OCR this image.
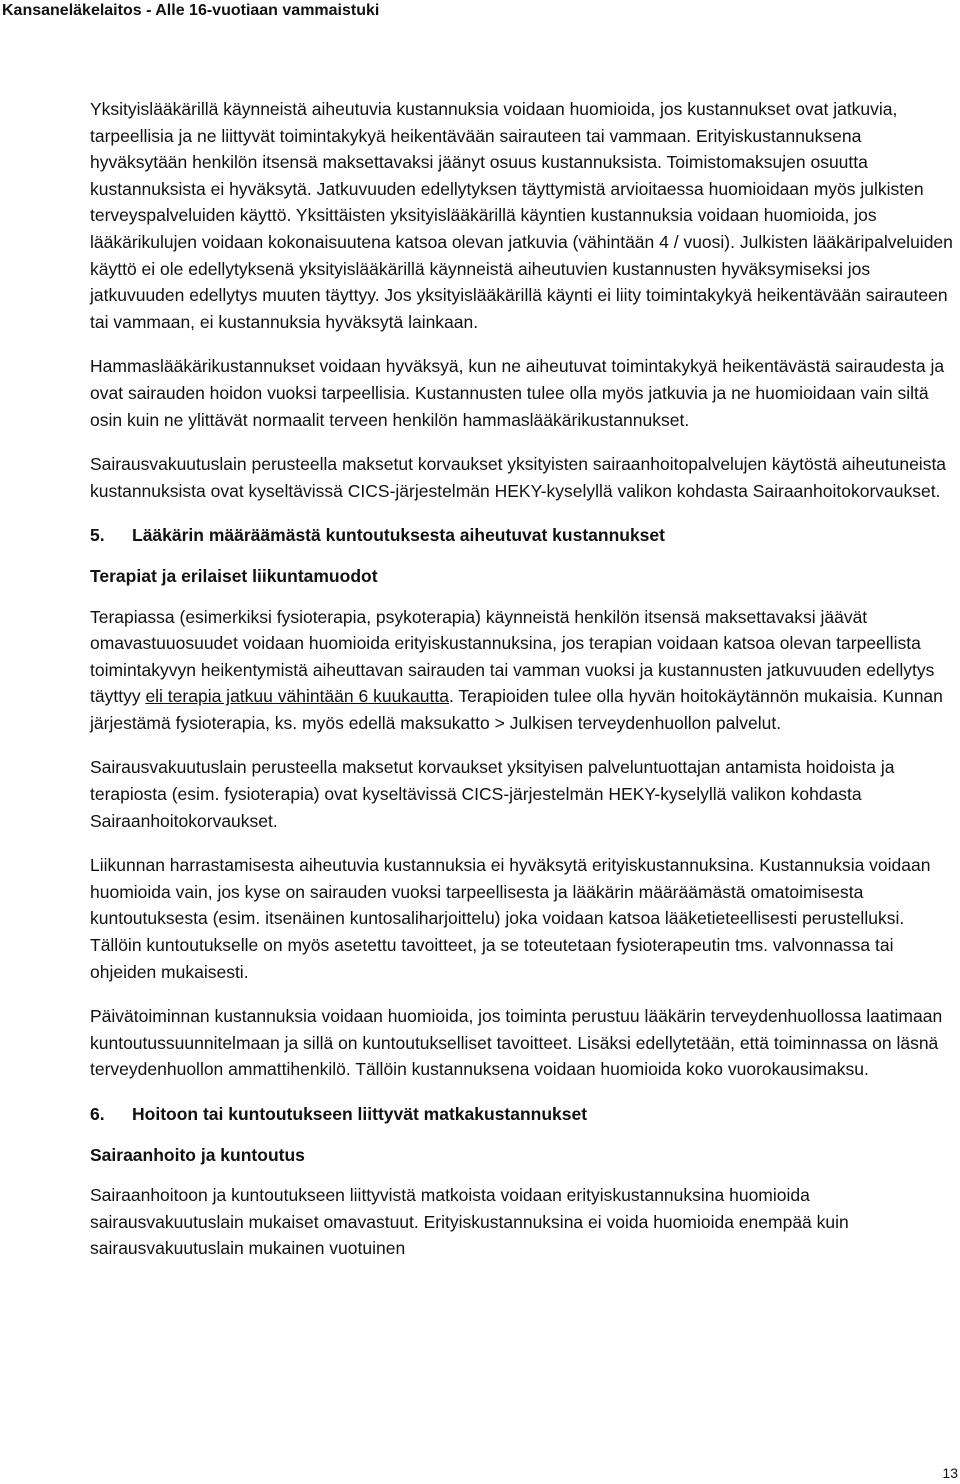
Kansaneläkelaitos - Alle 16-vuotiaan vammaistuki

Yksityislääkärillä käynneistä aiheutuvia kustannuksia voidaan huomioida, jos kustannukset ovat jatkuvia, tarpeellisia ja ne liittyvät toimintakykyä heikentävään sairauteen tai vammaan. Erityiskustannuksena hyväksytään henkilön itsensä maksettavaksi jäänyt osuus kustannuksista. Toimistomaksujen osuutta kustannuksista ei hyväksytä. Jatkuvuuden edellytyksen täyttymistä arvioitaessa huomioidaan myös julkisten terveyspalveluiden käyttö. Yksittäisten yksityislääkärillä käyntien kustannuksia voidaan huomioida, jos lääkärikulujen voidaan kokonaisuutena katsoa olevan jatkuvia (vähintään 4 / vuosi). Julkisten lääkäripalveluiden käyttö ei ole edellytyksenä yksityislääkärillä käynneistä aiheutuvien kustannusten hyväksymiseksi jos jatkuvuuden edellytys muuten täyttyy. Jos yksityislääkärillä käynti ei liity toimintakykyä heikentävään sairauteen tai vammaan, ei kustannuksia hyväksytä lainkaan.

Hammaslääkärikustannukset voidaan hyväksyä, kun ne aiheutuvat toimintakykyä heikentävästä sairaudesta ja ovat sairauden hoidon vuoksi tarpeellisia. Kustannusten tulee olla myös jatkuvia ja ne huomioidaan vain siltä osin kuin ne ylittävät normaalit terveen henkilön hammaslääkärikustannukset.

Sairausvakuutuslain perusteella maksetut korvaukset yksityisten sairaanhoitopalvelujen käytöstä aiheutuneista kustannuksista ovat kyseltävissä CICS-järjestelmän HEKY-kyselyllä valikon kohdasta Sairaanhoitokorvaukset.

5. Lääkärin määräämästä kuntoutuksesta aiheutuvat kustannukset
Terapiat ja erilaiset liikuntamuodot

Terapiassa (esimerkiksi fysioterapia, psykoterapia) käynneistä henkilön itsensä maksettavaksi jäävät omavastuuosuudet voidaan huomioida erityiskustannuksina, jos terapian voidaan katsoa olevan tarpeellista toimintakyvyn heikentymistä aiheuttavan sairauden tai vamman vuoksi ja kustannusten jatkuvuuden edellytys täyttyy eli terapia jatkuu vähintään 6 kuukautta. Terapioiden tulee olla hyvän hoitokäytännön mukaisia. Kunnan järjestämä fysioterapia, ks. myös edellä maksukatto > Julkisen terveydenhuollon palvelut.

Sairausvakuutuslain perusteella maksetut korvaukset yksityisen palveluntuottajan antamista hoidoista ja terapiosta (esim. fysioterapia) ovat kyseltävissä CICS-järjestelmän HEKY-kyselyllä valikon kohdasta Sairaanhoitokorvaukset.

Liikunnan harrastamisesta aiheutuvia kustannuksia ei hyväksytä erityiskustannuksina. Kustannuksia voidaan huomioida vain, jos kyse on sairauden vuoksi tarpeellisesta ja lääkärin määräämästä omatoimisesta kuntoutuksesta (esim. itsenäinen kuntosaliharjoittelu) joka voidaan katsoa lääketieteellisesti perustelluksi. Tällöin kuntoutukselle on myös asetettu tavoitteet, ja se toteutetaan fysioterapeutin tms. valvonnassa tai ohjeiden mukaisesti.

Päivätoiminnan kustannuksia voidaan huomioida, jos toiminta perustuu lääkärin terveydenhuollossa laatimaan kuntoutussuunnitelmaan ja sillä on kuntoutukselliset tavoitteet. Lisäksi edellytetään, että toiminnassa on läsnä terveydenhuollon ammattihenkilö. Tällöin kustannuksena voidaan huomioida koko vuorokausimaksu.

6. Hoitoon tai kuntoutukseen liittyvät matkakustannukset
Sairaanhoito ja kuntoutus

Sairaanhoitoon ja kuntoutukseen liittyvistä matkoista voidaan erityiskustannuksina huomioida sairausvakuutuslain mukaiset omavastuut. Erityiskustannuksina ei voida huomioida enempää kuin sairausvakuutuslain mukainen vuotuinen

13
